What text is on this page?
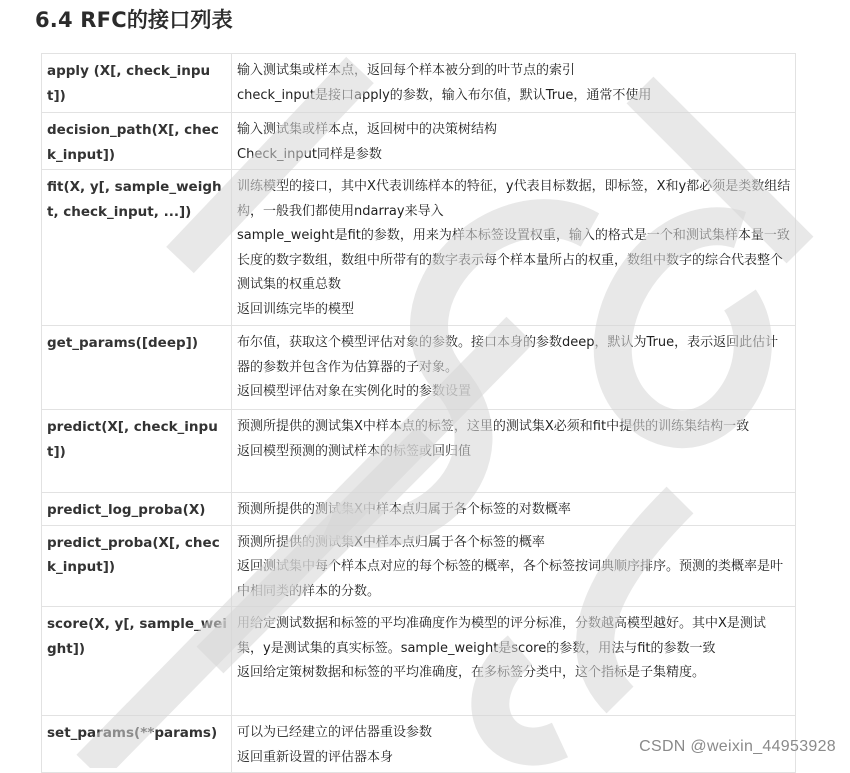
6.4 RFC的接口列表
apply (X[, check_input])	输入测试集或样本点，返回每个样本被分到的叶节点的索引
check_input是接口apply的参数，输入布尔值，默认True，通常不使用

decision_path(X[, check_input])	输入测试集或样本点，返回树中的决策树结构
Check_input同样是参数

fit(X, y[, sample_weight, check_input, ...])	训练模型的接口，其中X代表训练样本的特征，y代表目标数据，即标签，X和y都必须是类数组结构，一般我们都使用ndarray来导入
sample_weight是fit的参数，用来为样本标签设置权重，输入的格式是一个和测试集样本量一致长度的数字数组，数组中所带有的数字表示每个样本量所占的权重，数组中数字的综合代表整个测试集的权重总数
返回训练完毕的模型

get_params([deep])	布尔值，获取这个模型评估对象的参数。接口本身的参数deep，默认为True，表示返回此估计器的参数并包含作为估算器的子对象。
返回模型评估对象在实例化时的参数设置

predict(X[, check_input])	预测所提供的测试集X中样本点的标签，这里的测试集X必须和fit中提供的训练集结构一致
返回模型预测的测试样本的标签或回归值

predict_log_proba(X)	预测所提供的测试集X中样本点归属于各个标签的对数概率

predict_proba(X[, check_input])	预测所提供的测试集X中样本点归属于各个标签的概率
返回测试集中每个样本点对应的每个标签的概率，各个标签按词典顺序排序。预测的类概率是叶中相同类的样本的分数。

score(X, y[, sample_weight])	用给定测试数据和标签的平均准确度作为模型的评分标准，分数越高模型越好。其中X是测试集，y是测试集的真实标签。sample_weight是score的参数，用法与fit的参数一致
返回给定策树数据和标签的平均准确度，在多标签分类中，这个指标是子集精度。

set_params(**params)	可以为已经建立的评估器重设参数
返回重新设置的评估器本身
CSDN @weixin_44953928
